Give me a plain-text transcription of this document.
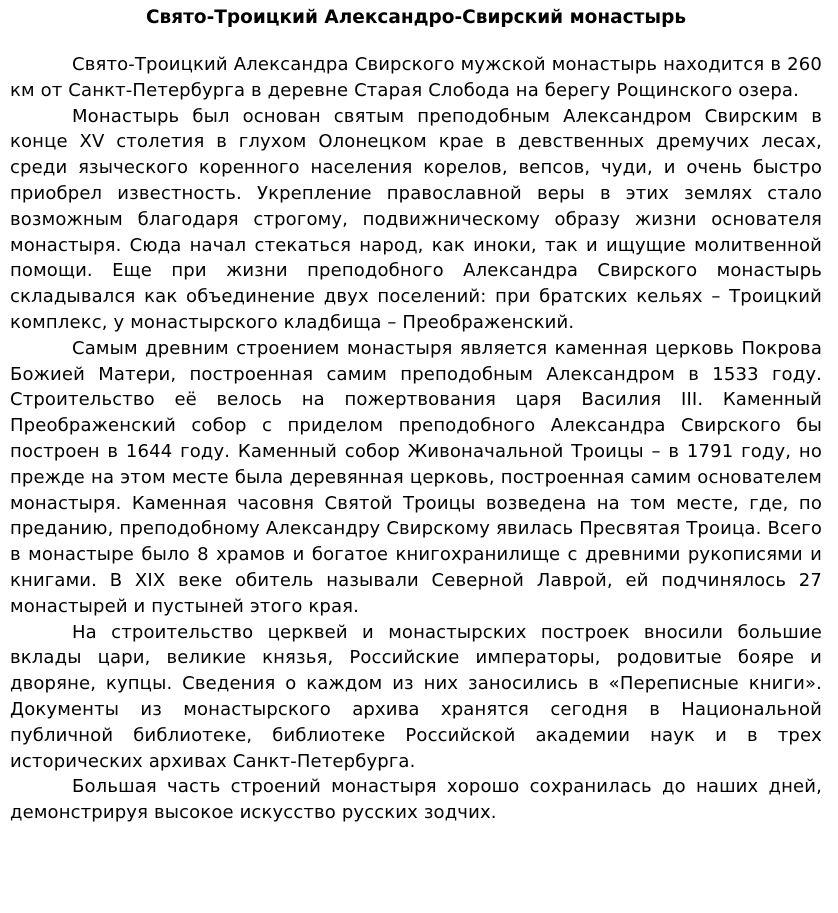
Свято-Троицкий Александро-Свирский монастырь

Свято-Троицкий Александра Свирского мужской монастырь находится в 260 км от Санкт-Петербурга в деревне Старая Слобода на берегу Рощинского озера.

Монастырь был основан святым преподобным Александром Свирским в конце XV столетия в глухом Олонецком крае в девственных дремучих лесах, среди языческого коренного населения корелов, вепсов, чуди, и очень быстро приобрел известность. Укрепление православной веры в этих землях стало возможным благодаря строгому, подвижническому образу жизни основателя монастыря. Сюда начал стекаться народ, как иноки, так и ищущие молитвенной помощи. Еще при жизни преподобного Александра Свирского монастырь складывался как объединение двух поселений: при братских кельях – Троицкий комплекс, у монастырского кладбища – Преображенский.

Самым древним строением монастыря является каменная церковь Покрова Божией Матери, построенная самим преподобным Александром в 1533 году. Строительство её велось на пожертвования царя Василия III. Каменный Преображенский собор с приделом преподобного Александра Свирского бы построен в 1644 году. Каменный собор Живоначальной Троицы – в 1791 году, но прежде на этом месте была деревянная церковь, построенная самим основателем монастыря. Каменная часовня Святой Троицы возведена на том месте, где, по преданию, преподобному Александру Свирскому явилась Пресвятая Троица. Всего в монастыре было 8 храмов и богатое книгохранилище с древними рукописями и книгами. В XIX веке обитель называли Северной Лаврой, ей подчинялось 27 монастырей и пустыней этого края.

На строительство церквей и монастырских построек вносили большие вклады цари, великие князья, Российские императоры, родовитые бояре и дворяне, купцы. Сведения о каждом из них заносились в «Переписные книги». Документы из монастырского архива хранятся сегодня в Национальной публичной библиотеке, библиотеке Российской академии наук и в трех исторических архивах Санкт-Петербурга.

Большая часть строений монастыря хорошо сохранилась до наших дней, демонстрируя высокое искусство русских зодчих.
